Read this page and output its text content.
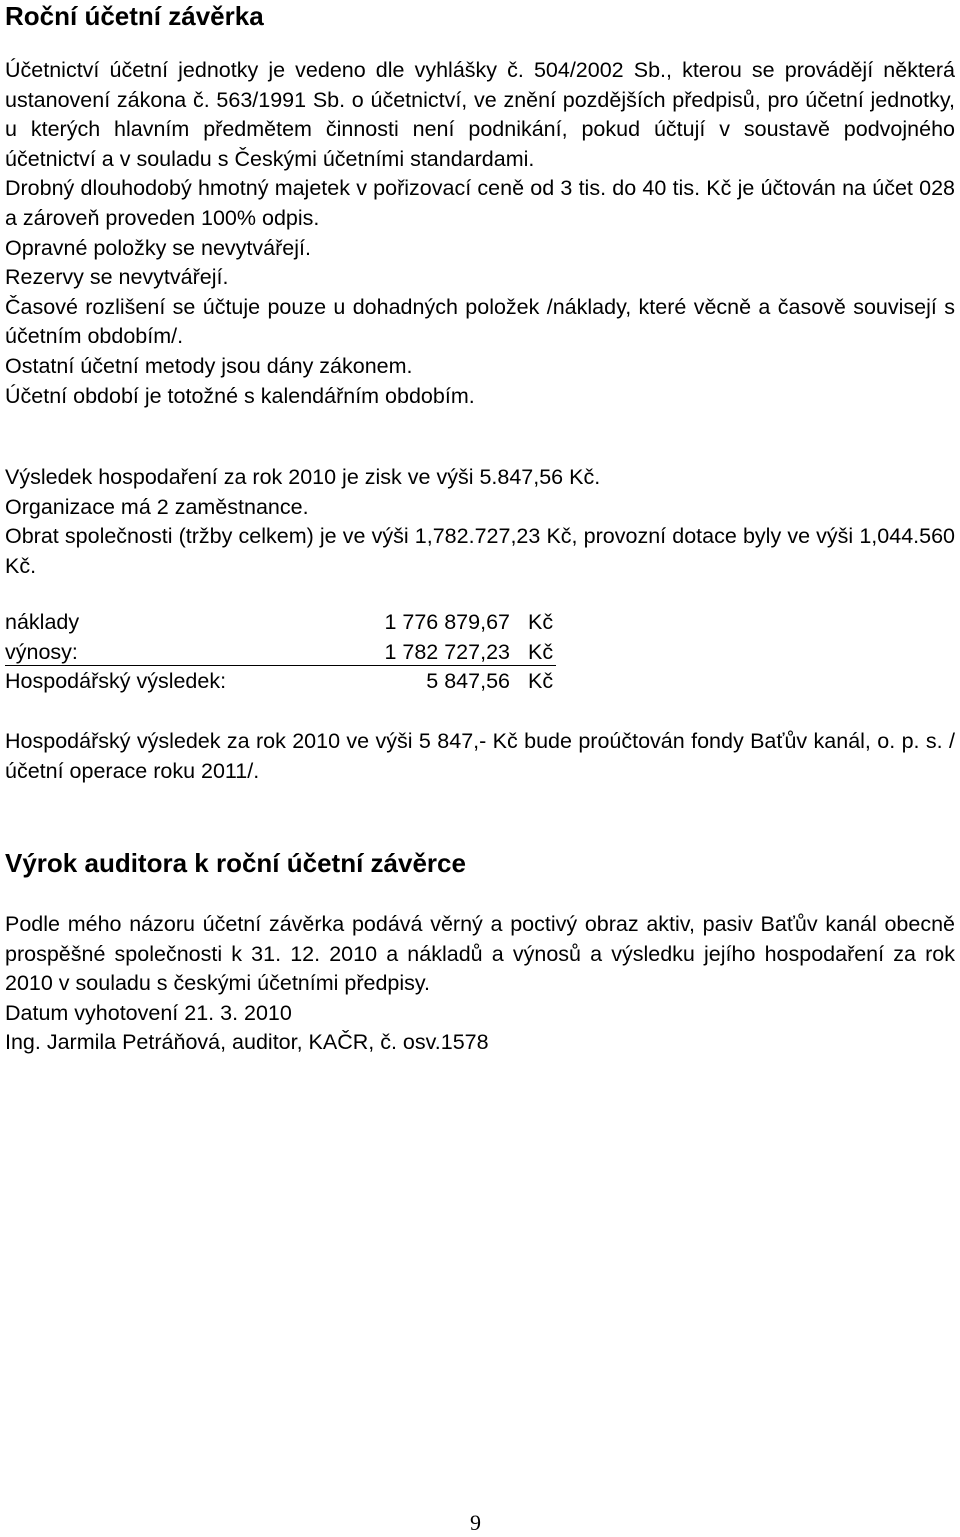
Roční účetní závěrka

Účetnictví účetní jednotky je vedeno dle vyhlášky č. 504/2002 Sb., kterou se provádějí některá ustanovení zákona č. 563/1991 Sb. o účetnictví, ve znění pozdějších předpisů, pro účetní jednotky, u kterých hlavním předmětem činnosti není podnikání, pokud účtují v soustavě podvojného účetnictví a v souladu s Českými účetními standardami.

Drobný dlouhodobý hmotný majetek v pořizovací ceně od 3 tis. do 40 tis. Kč je účtován na účet 028 a zároveň proveden 100% odpis.

Opravné položky se nevytvářejí.

Rezervy se nevytvářejí.

Časové rozlišení se účtuje pouze u dohadných položek /náklady, které věcně a časově souvisejí s účetním obdobím/.

Ostatní účetní metody jsou dány zákonem.

Účetní období je totožné s kalendářním obdobím.

Výsledek hospodaření za rok 2010 je zisk ve výši 5.847,56 Kč.

Organizace má 2 zaměstnance.

Obrat společnosti (tržby celkem) je ve výši 1,782.727,23 Kč, provozní dotace byly ve výši 1,044.560 Kč.

náklady	1 776 879,67 Kč
výnosy:	1 782 727,23 Kč
Hospodářský výsledek:	5 847,56 Kč

Hospodářský výsledek za rok 2010 ve výši 5 847,- Kč bude proúčtován fondy Baťův kanál, o. p. s. /účetní operace roku 2011/.

Výrok auditora k roční účetní závěrce

Podle mého názoru účetní závěrka podává věrný a poctivý obraz aktiv, pasiv Baťův kanál obecně prospěšné společnosti k 31. 12. 2010 a nákladů a výnosů a výsledku jejího hospodaření za rok 2010 v souladu s českými účetními předpisy.

Datum vyhotovení 21. 3. 2010

Ing. Jarmila Petráňová, auditor, KAČR, č. osv.1578

9
